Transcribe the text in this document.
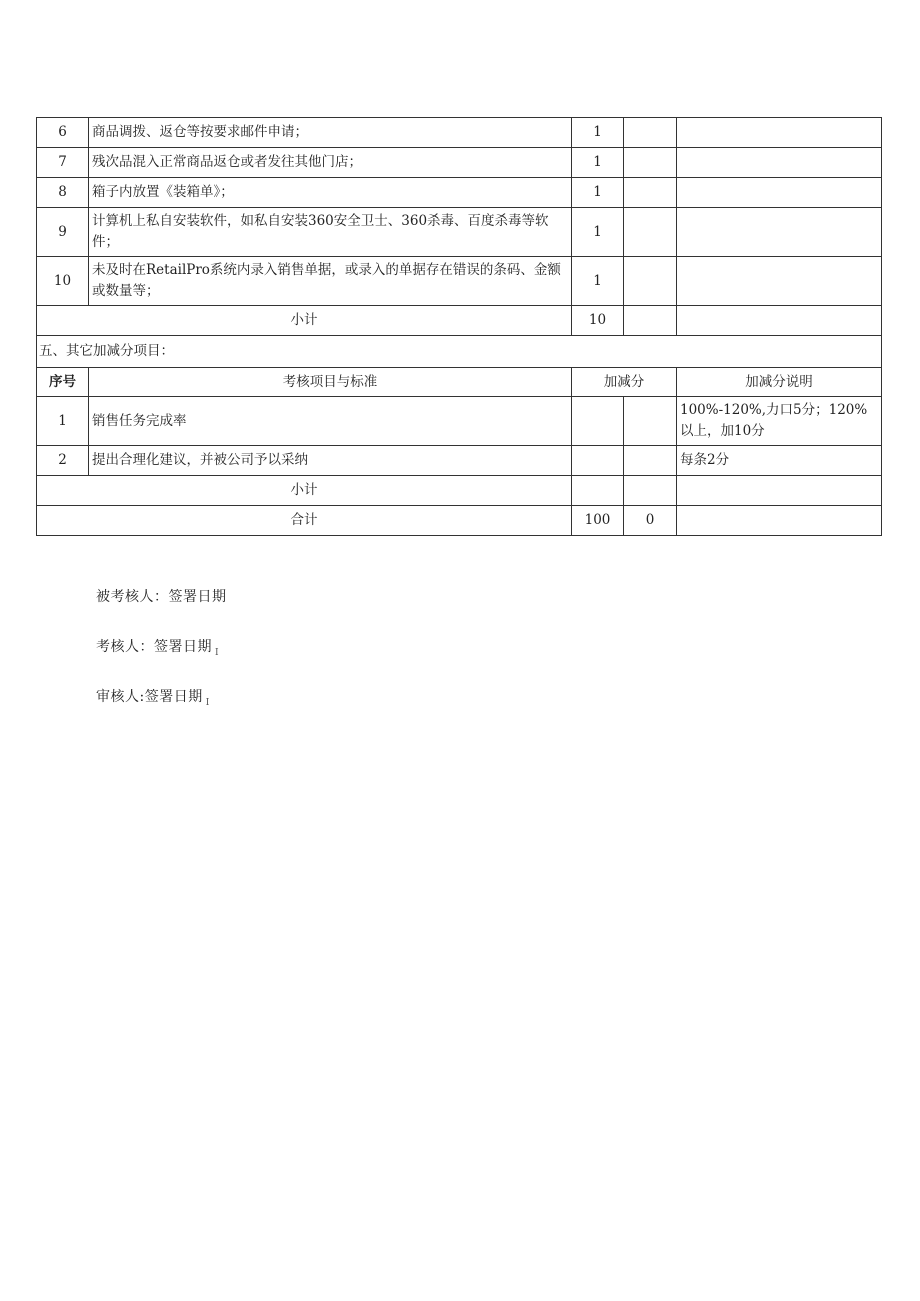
6	商品调拨、返仓等按要求邮件申请；	1		
7	残次品混入正常商品返仓或者发往其他门店；	1		
8	箱子内放置《装箱单》；	1		
9	计算机上私自安装软件，如私自安装360安全卫士、360杀毒、百度杀毒等软件；	1		
10	未及时在RetailPro系统内录入销售单据，或录入的单据存在错误的条码、金额或数量等；	1		
小计		10		
五、其它加减分项目：				
序号	考核项目与标准	加减分		加减分说明
1	销售任务完成率			100%-120%,力口5分；120%以上，加10分
2	提出合理化建议，并被公司予以采纳			每条2分
小计				
合计		100	0	
被考核人：签署日期
考核人：签署日期 $_I$
审核人:签署日期 $_I$
